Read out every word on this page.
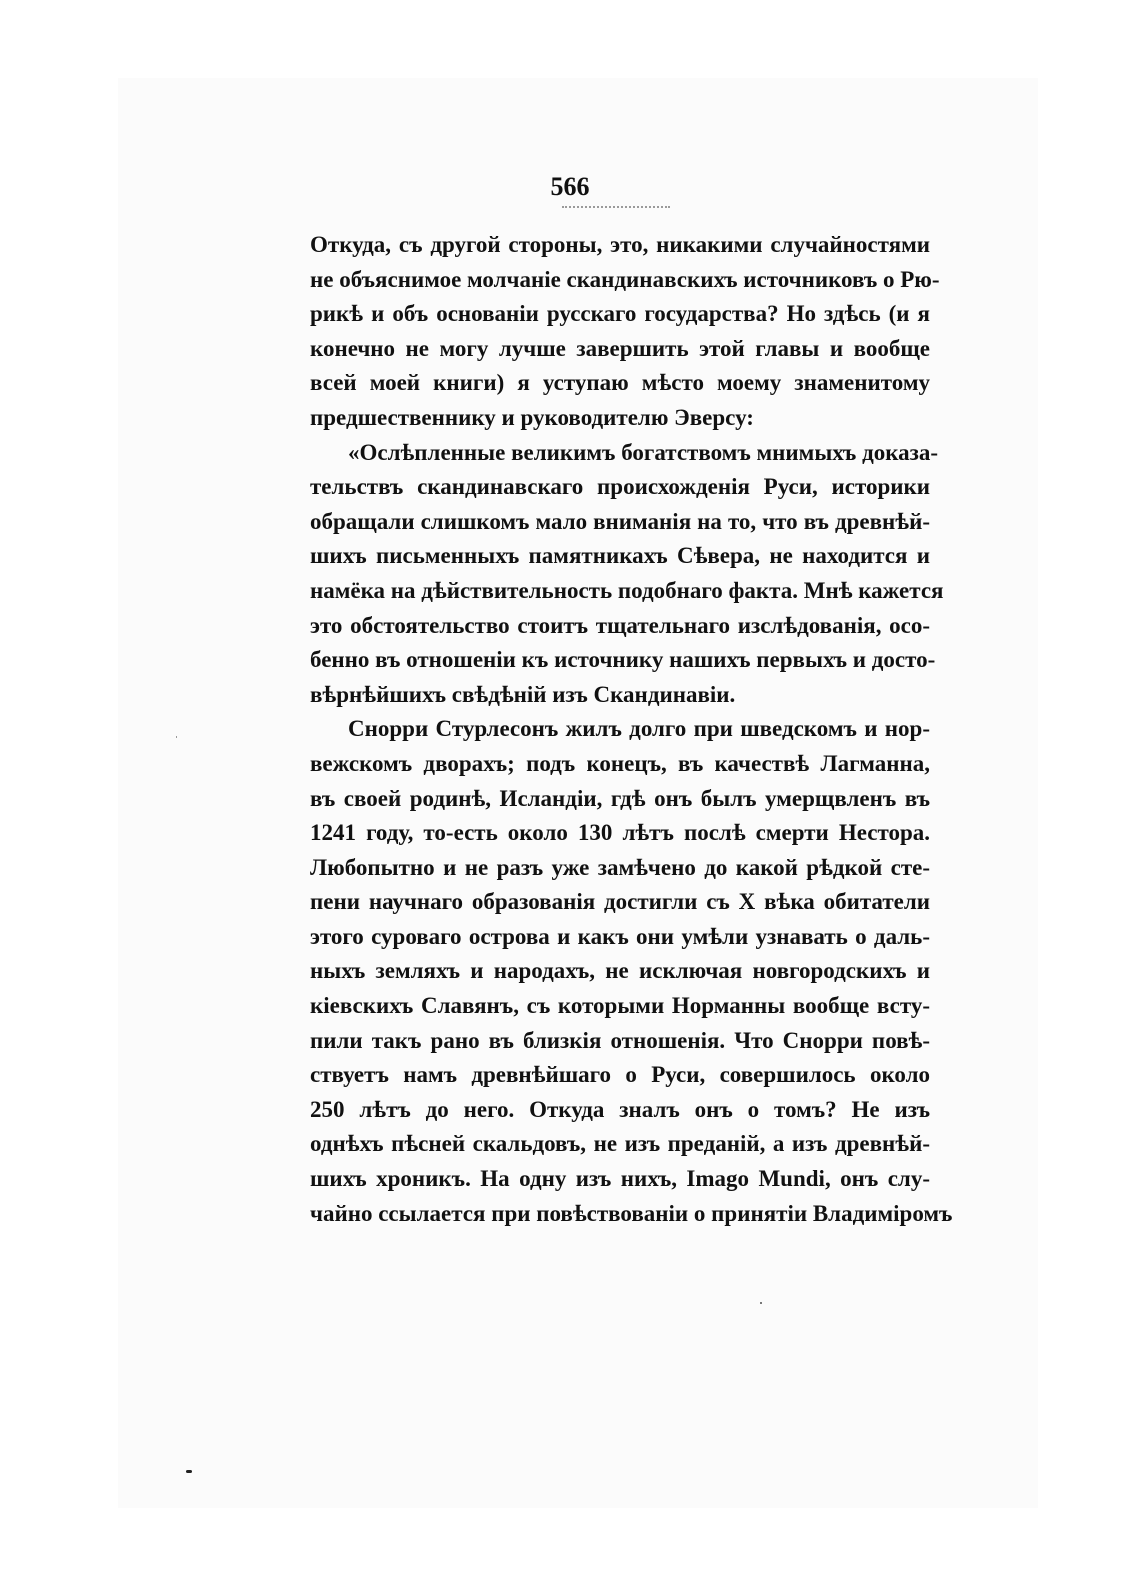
566
Откуда, съ другой стороны, это, никакими случайностями
не объяснимое молчаніе скандинавскихъ источниковъ о Рю-
рикѣ и объ основаніи русскаго государства? Но здѣсь (и я
конечно не могу лучше завершить этой главы и вообще
всей моей книги) я уступаю мѣсто моему знаменитому
предшественнику и руководителю Эверсу:
«Ослѣпленные великимъ богатствомъ мнимыхъ доказа-
тельствъ скандинавскаго происхожденія Руси, историки
обращали слишкомъ мало вниманія на то, что въ древнѣй-
шихъ письменныхъ памятникахъ Сѣвера, не находится и
намёка на дѣйствительность подобнаго факта. Мнѣ кажется
это обстоятельство стоитъ тщательнаго изслѣдованія, осо-
бенно въ отношеніи къ источнику нашихъ первыхъ и досто-
вѣрнѣйшихъ свѣдѣній изъ Скандинавіи.
Снорри Стурлесонъ жилъ долго при шведскомъ и нор-
вежскомъ дворахъ; подъ конецъ, въ качествѣ Лагманна,
въ своей родинѣ, Исландіи, гдѣ онъ былъ умерщвленъ въ
1241 году, то-есть около 130 лѣтъ послѣ смерти Нестора.
Любопытно и не разъ уже замѣчено до какой рѣдкой сте-
пени научнаго образованія достигли съ X вѣка обитатели
этого суроваго острова и какъ они умѣли узнавать о даль-
ныхъ земляхъ и народахъ, не исключая новгородскихъ и
кіевскихъ Славянъ, съ которыми Норманны вообще всту-
пили такъ рано въ близкія отношенія. Что Снорри повѣ-
ствуетъ намъ древнѣйшаго о Руси, совершилось около
250 лѣтъ до него. Откуда зналъ онъ о томъ? Не изъ
однѣхъ пѣсней скальдовъ, не изъ преданій, а изъ древнѣй-
шихъ хроникъ. На одну изъ нихъ, Imago Mundi, онъ слу-
чайно ссылается при повѣствованіи о принятіи Владиміромъ
